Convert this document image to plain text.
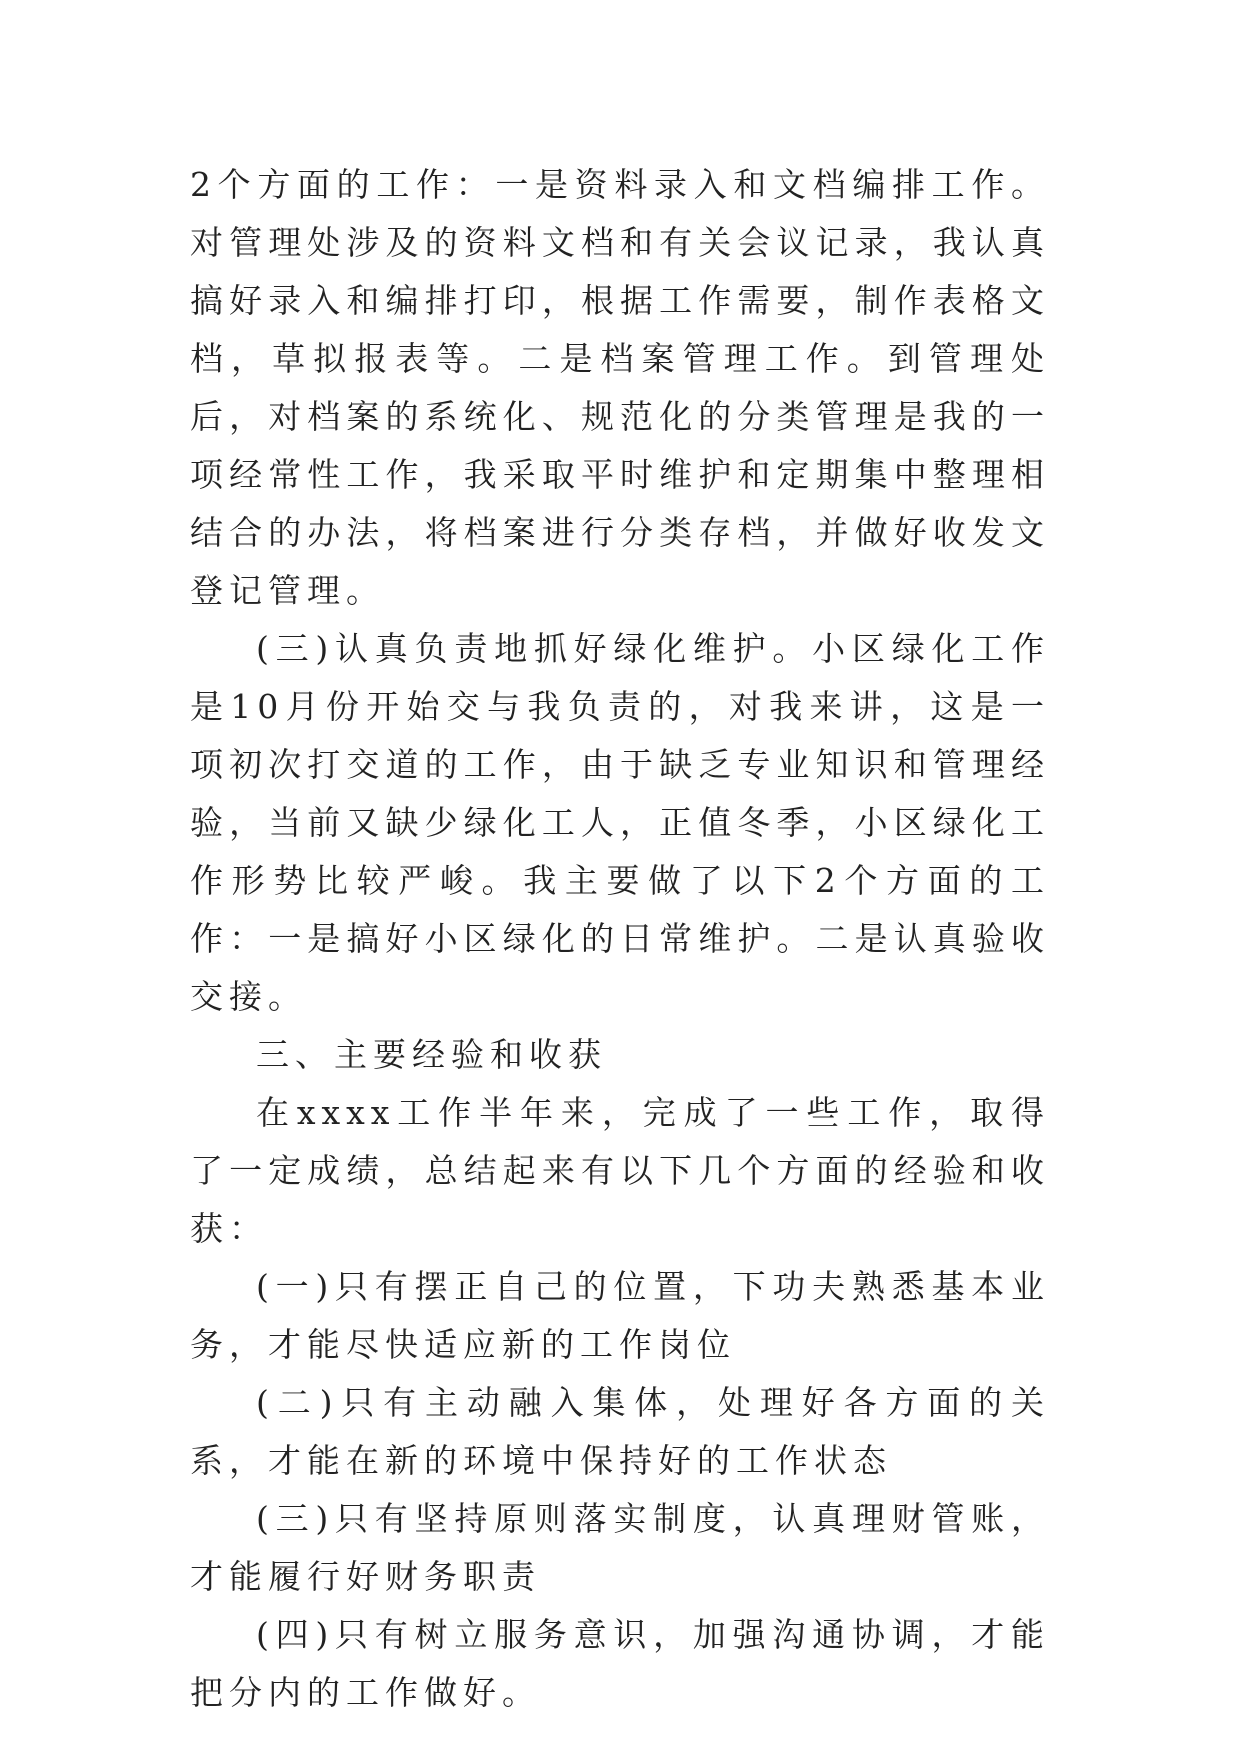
2个方面的工作：一是资料录入和文档编排工作。对管理处涉及的资料文档和有关会议记录，我认真搞好录入和编排打印，根据工作需要，制作表格文档，草拟报表等。二是档案管理工作。到管理处后，对档案的系统化、规范化的分类管理是我的一项经常性工作，我采取平时维护和定期集中整理相结合的办法，将档案进行分类存档，并做好收发文登记管理。

(三)认真负责地抓好绿化维护。小区绿化工作是10月份开始交与我负责的，对我来讲，这是一项初次打交道的工作，由于缺乏专业知识和管理经验，当前又缺少绿化工人，正值冬季，小区绿化工作形势比较严峻。我主要做了以下2个方面的工作：一是搞好小区绿化的日常维护。二是认真验收交接。

三、主要经验和收获

在xxxx工作半年来，完成了一些工作，取得了一定成绩，总结起来有以下几个方面的经验和收获：

(一)只有摆正自己的位置，下功夫熟悉基本业务，才能尽快适应新的工作岗位

(二)只有主动融入集体，处理好各方面的关系，才能在新的环境中保持好的工作状态

(三)只有坚持原则落实制度，认真理财管账，才能履行好财务职责

(四)只有树立服务意识，加强沟通协调，才能把分内的工作做好。
